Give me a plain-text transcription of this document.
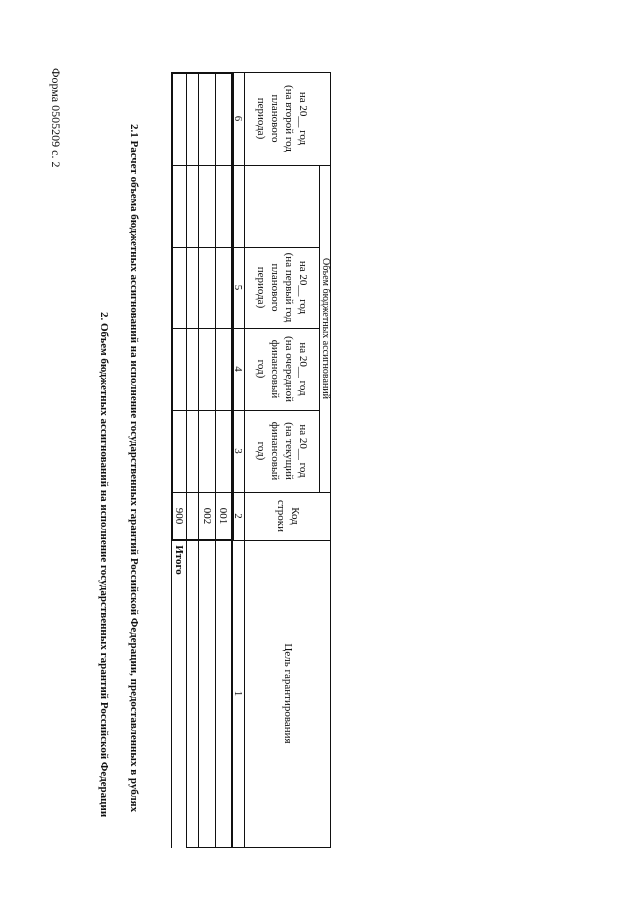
Форма 0505209 с. 2
2. Объем бюджетных ассигнований на исполнение государственных гарантий Российской Федерации 2.1 Расчет объема бюджетных ассигнований на исполнение государственных гарантий Российской Федерации, предоставленных в рублях	Цель гарантирования
Код
строки
Объем бюджетных ассигнований
на 20__ год
(на текущий
финансовый
год)
на 20__ год
(на очередной
финансовый
год)
на 20__ год
(на первый год
планового
периода)
на 20__ год
(на второй год
планового
периода)
1
2
3
4
5
6
001
002
900
Итого
